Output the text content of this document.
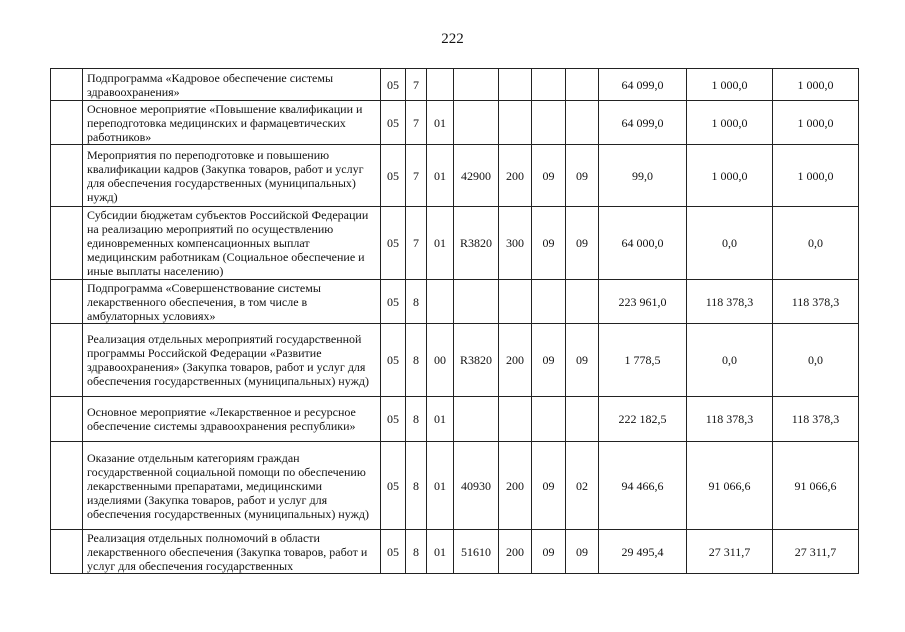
222
	Подпрограмма «Кадровое обеспечение системы здравоохранения»	05	7						64 099,0	1 000,0	1 000,0
	Основное мероприятие «Повышение квалификации и переподготовка медицинских и фармацевтических работников»	05	7	01					64 099,0	1 000,0	1 000,0
	Мероприятия по переподготовке и повышению квалификации кадров (Закупка товаров, работ и услуг для обеспечения государственных (муниципальных) нужд)	05	7	01	42900	200	09	09	99,0	1 000,0	1 000,0
	Субсидии бюджетам субъектов Российской Федерации на реализацию мероприятий по осуществлению единовременных компенсационных выплат медицинским работникам (Социальное обеспечение и иные выплаты населению)	05	7	01	R3820	300	09	09	64 000,0	0,0	0,0
	Подпрограмма «Совершенствование системы лекарственного обеспечения, в том числе в амбулаторных условиях»	05	8						223 961,0	118 378,3	118 378,3
	Реализация отдельных мероприятий государственной программы Российской Федерации «Развитие здравоохранения» (Закупка товаров, работ и услуг для обеспечения государственных (муниципальных) нужд)	05	8	00	R3820	200	09	09	1 778,5	0,0	0,0
	Основное мероприятие «Лекарственное и ресурсное обеспечение системы здравоохранения республики»	05	8	01					222 182,5	118 378,3	118 378,3
	Оказание отдельным категориям граждан государственной социальной помощи по обеспечению лекарственными препаратами, медицинскими изделиями (Закупка товаров, работ и услуг для обеспечения государственных (муниципальных) нужд)	05	8	01	40930	200	09	02	94 466,6	91 066,6	91 066,6
	Реализация отдельных полномочий в области лекарственного обеспечения (Закупка товаров, работ и услуг для обеспечения государственных	05	8	01	51610	200	09	09	29 495,4	27 311,7	27 311,7
